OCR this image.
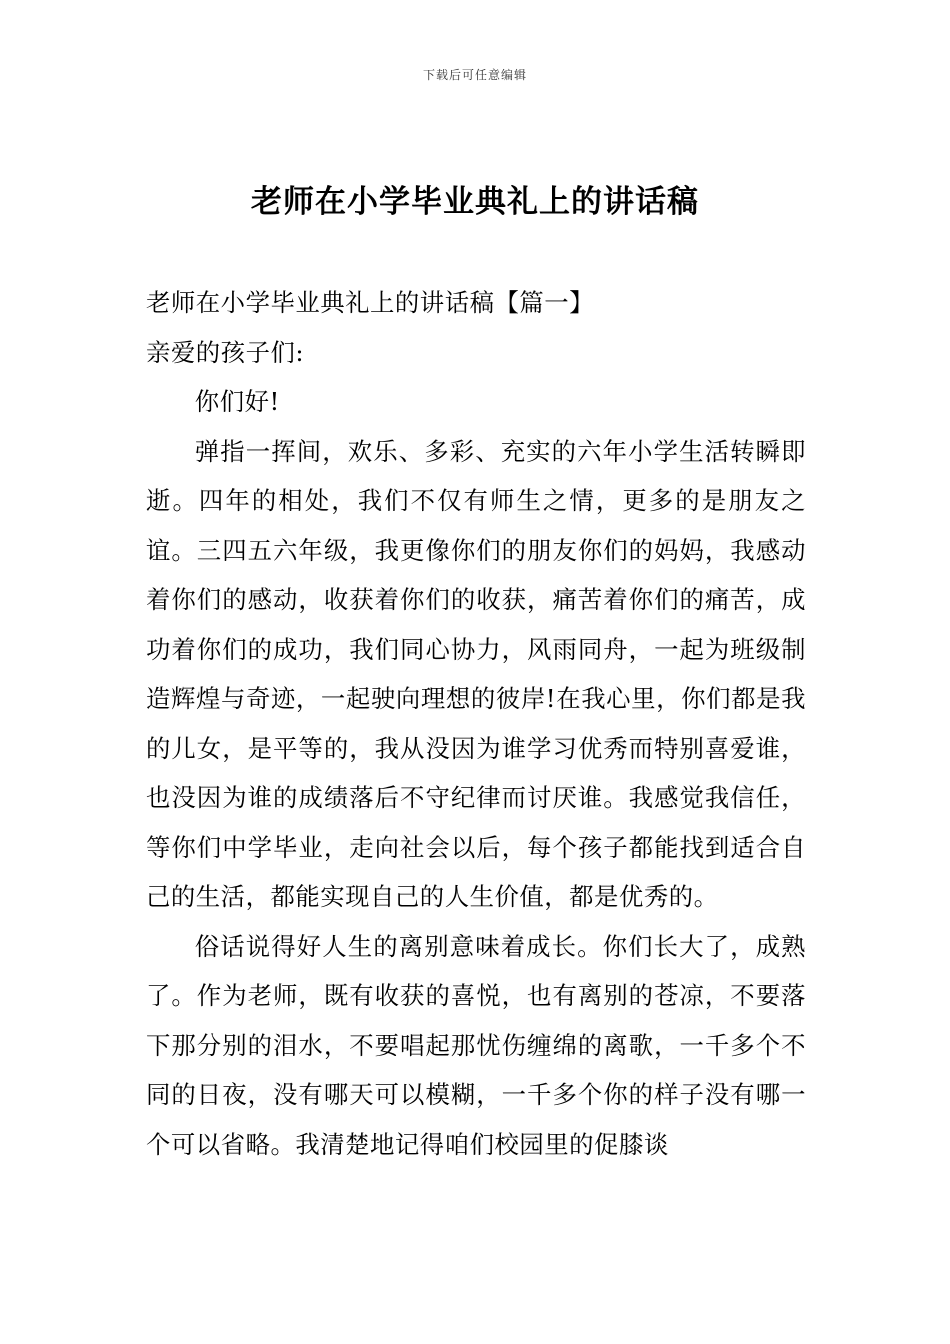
下载后可任意编辑
老师在小学毕业典礼上的讲话稿

老师在小学毕业典礼上的讲话稿【篇一】

亲爱的孩子们:

你们好!

弹指一挥间，欢乐、多彩、充实的六年小学生活转瞬即逝。四年的相处，我们不仅有师生之情，更多的是朋友之谊。三四五六年级，我更像你们的朋友你们的妈妈，我感动着你们的感动，收获着你们的收获，痛苦着你们的痛苦，成功着你们的成功，我们同心协力，风雨同舟，一起为班级制造辉煌与奇迹，一起驶向理想的彼岸!在我心里，你们都是我的儿女，是平等的，我从没因为谁学习优秀而特别喜爱谁，也没因为谁的成绩落后不守纪律而讨厌谁。我感觉我信任，等你们中学毕业，走向社会以后，每个孩子都能找到适合自己的生活，都能实现自己的人生价值，都是优秀的。

俗话说得好人生的离别意味着成长。你们长大了，成熟了。作为老师，既有收获的喜悦，也有离别的苍凉，不要落下那分别的泪水，不要唱起那忧伤缠绵的离歌，一千多个不同的日夜，没有哪天可以模糊，一千多个你的样子没有哪一个可以省略。我清楚地记得咱们校园里的促膝谈
